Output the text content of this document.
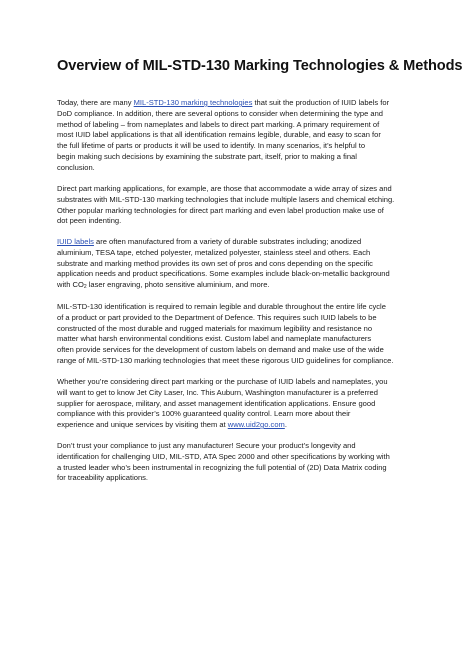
Overview of MIL-STD-130 Marking Technologies & Methods

Today, there are many MIL-STD-130 marking technologies that suit the production of IUID labels for
DoD compliance. In addition, there are several options to consider when determining the type and
method of labeling – from nameplates and labels to direct part marking. A primary requirement of
most IUID label applications is that all identification remains legible, durable, and easy to scan for
the full lifetime of parts or products it will be used to identify. In many scenarios, it’s helpful to
begin making such decisions by examining the substrate part, itself, prior to making a final
conclusion.

Direct part marking applications, for example, are those that accommodate a wide array of sizes and
substrates with MIL-STD-130 marking technologies that include multiple lasers and chemical etching.
Other popular marking technologies for direct part marking and even label production make use of
dot peen indenting.

IUID labels are often manufactured from a variety of durable substrates including; anodized
aluminium, TESA tape, etched polyester, metalized polyester, stainless steel and others. Each
substrate and marking method provides its own set of pros and cons depending on the specific
application needs and product specifications. Some examples include black-on-metallic background
with $CO_2$ laser engraving, photo sensitive aluminium, and more.

MIL-STD-130 identification is required to remain legible and durable throughout the entire life cycle
of a product or part provided to the Department of Defence. This requires such IUID labels to be
constructed of the most durable and rugged materials for maximum legibility and resistance no
matter what harsh environmental conditions exist. Custom label and nameplate manufacturers
often provide services for the development of custom labels on demand and make use of the wide
range of MIL-STD-130 marking technologies that meet these rigorous UID guidelines for compliance.

Whether you’re considering direct part marking or the purchase of IUID labels and nameplates, you
will want to get to know Jet City Laser, Inc. This Auburn, Washington manufacturer is a preferred
supplier for aerospace, military, and asset management identification applications. Ensure good
compliance with this provider’s 100% guaranteed quality control. Learn more about their
experience and unique services by visiting them at www.uid2go.com.

Don’t trust your compliance to just any manufacturer! Secure your product’s longevity and
identification for challenging UID, MIL-STD, ATA Spec 2000 and other specifications by working with
a trusted leader who’s been instrumental in recognizing the full potential of (2D) Data Matrix coding
for traceability applications.
